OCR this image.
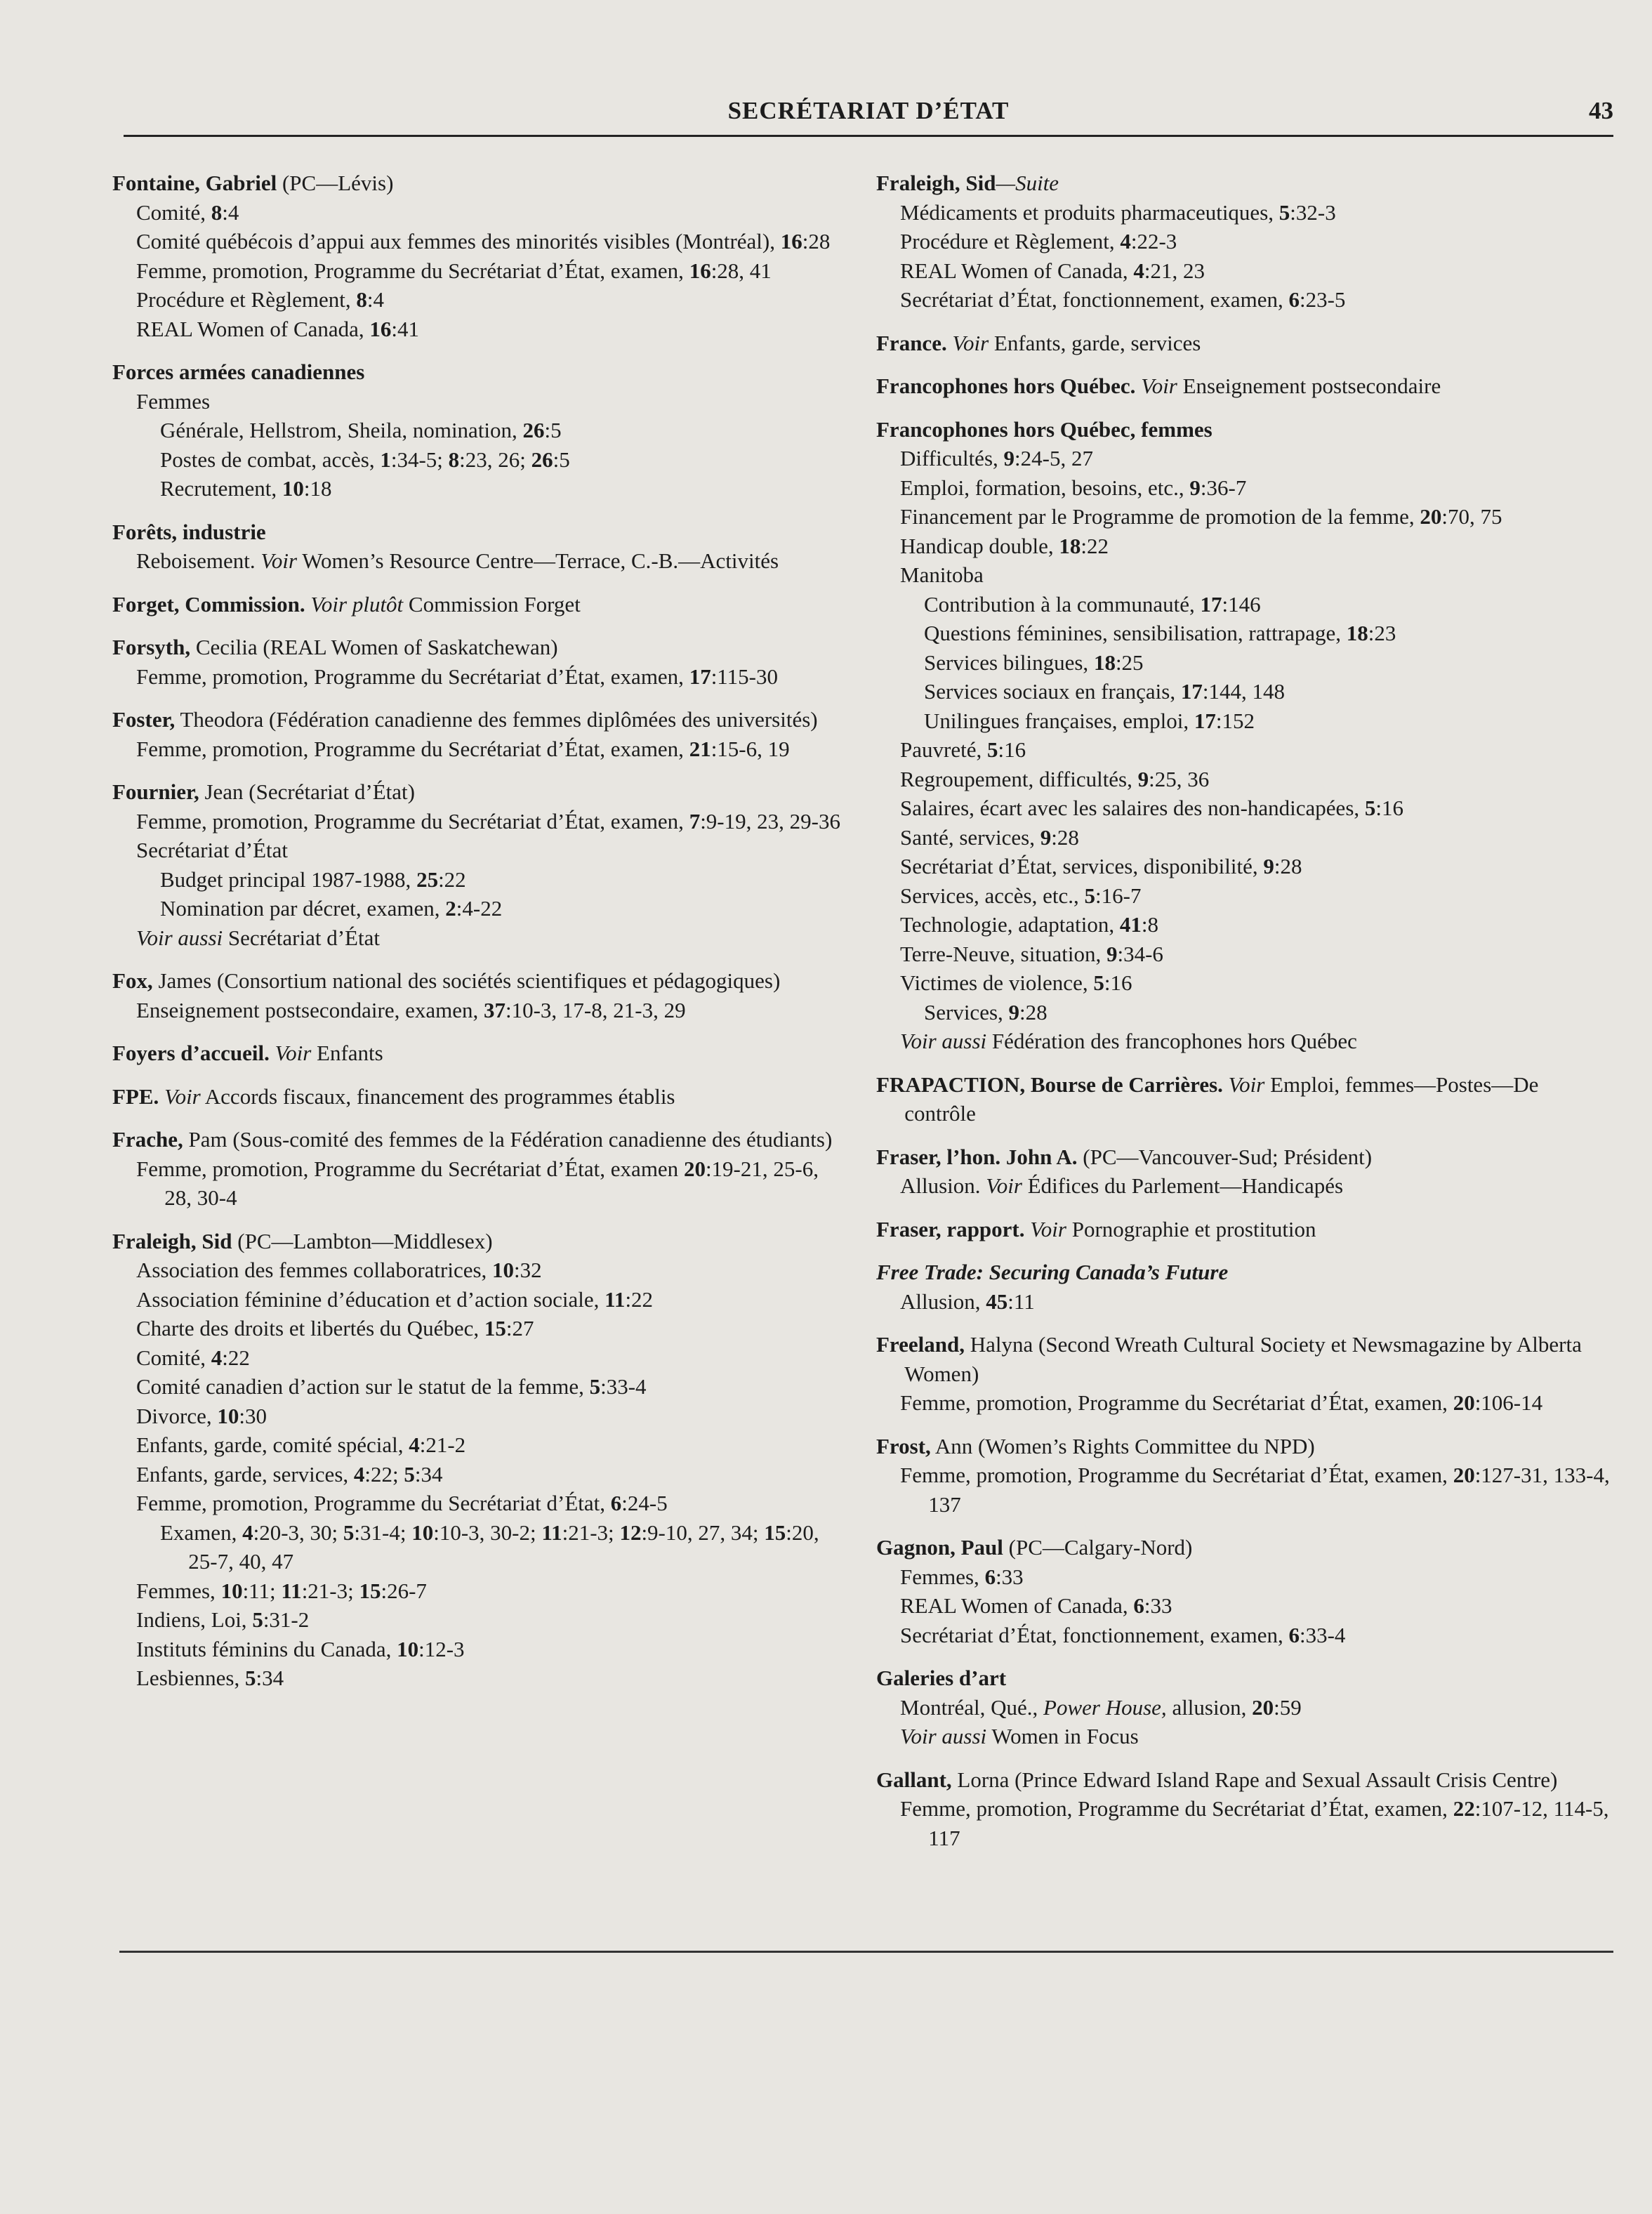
SECRÉTARIAT D’ÉTAT	43
Fontaine, Gabriel (PC—Lévis)
Comité, 8:4
Comité québécois d’appui aux femmes des minorités visibles (Montréal), 16:28
Femme, promotion, Programme du Secrétariat d’État, examen, 16:28, 41
Procédure et Règlement, 8:4
REAL Women of Canada, 16:41
Forces armées canadiennes
Femmes
Générale, Hellstrom, Sheila, nomination, 26:5
Postes de combat, accès, 1:34-5; 8:23, 26; 26:5
Recrutement, 10:18
Forêts, industrie
Reboisement. Voir Women’s Resource Centre—Terrace, C.-B.—Activités
Forget, Commission. Voir plutôt Commission Forget
Forsyth, Cecilia (REAL Women of Saskatchewan)
Femme, promotion, Programme du Secrétariat d’État, examen, 17:115-30
Foster, Theodora (Fédération canadienne des femmes diplômées des universités)
Femme, promotion, Programme du Secrétariat d’État, examen, 21:15-6, 19
Fournier, Jean (Secrétariat d’État)
Femme, promotion, Programme du Secrétariat d’État, examen, 7:9-19, 23, 29-36
Secrétariat d’État
Budget principal 1987-1988, 25:22
Nomination par décret, examen, 2:4-22
Voir aussi Secrétariat d’État
Fox, James (Consortium national des sociétés scientifiques et pédagogiques)
Enseignement postsecondaire, examen, 37:10-3, 17-8, 21-3, 29
Foyers d’accueil. Voir Enfants
FPE. Voir Accords fiscaux, financement des programmes établis
Frache, Pam (Sous-comité des femmes de la Fédération canadienne des étudiants)
Femme, promotion, Programme du Secrétariat d’État, examen 20:19-21, 25-6, 28, 30-4
Fraleigh, Sid (PC—Lambton—Middlesex)
Association des femmes collaboratrices, 10:32
Association féminine d’éducation et d’action sociale, 11:22
Charte des droits et libertés du Québec, 15:27
Comité, 4:22
Comité canadien d’action sur le statut de la femme, 5:33-4
Divorce, 10:30
Enfants, garde, comité spécial, 4:21-2
Enfants, garde, services, 4:22; 5:34
Femme, promotion, Programme du Secrétariat d’État, 6:24-5
Examen, 4:20-3, 30; 5:31-4; 10:10-3, 30-2; 11:21-3; 12:9-10, 27, 34; 15:20, 25-7, 40, 47
Femmes, 10:11; 11:21-3; 15:26-7
Indiens, Loi, 5:31-2
Instituts féminins du Canada, 10:12-3
Lesbiennes, 5:34
Fraleigh, Sid—Suite
Médicaments et produits pharmaceutiques, 5:32-3
Procédure et Règlement, 4:22-3
REAL Women of Canada, 4:21, 23
Secrétariat d’État, fonctionnement, examen, 6:23-5
France. Voir Enfants, garde, services
Francophones hors Québec. Voir Enseignement postsecondaire
Francophones hors Québec, femmes
Difficultés, 9:24-5, 27
Emploi, formation, besoins, etc., 9:36-7
Financement par le Programme de promotion de la femme, 20:70, 75
Handicap double, 18:22
Manitoba
Contribution à la communauté, 17:146
Questions féminines, sensibilisation, rattrapage, 18:23
Services bilingues, 18:25
Services sociaux en français, 17:144, 148
Unilingues françaises, emploi, 17:152
Pauvreté, 5:16
Regroupement, difficultés, 9:25, 36
Salaires, écart avec les salaires des non-handicapées, 5:16
Santé, services, 9:28
Secrétariat d’État, services, disponibilité, 9:28
Services, accès, etc., 5:16-7
Technologie, adaptation, 41:8
Terre-Neuve, situation, 9:34-6
Victimes de violence, 5:16
Services, 9:28
Voir aussi Fédération des francophones hors Québec
FRAPACTION, Bourse de Carrières. Voir Emploi, femmes—Postes—De contrôle
Fraser, l’hon. John A. (PC—Vancouver-Sud; Président)
Allusion. Voir Édifices du Parlement—Handicapés
Fraser, rapport. Voir Pornographie et prostitution
Free Trade: Securing Canada’s Future
Allusion, 45:11
Freeland, Halyna (Second Wreath Cultural Society et Newsmagazine by Alberta Women)
Femme, promotion, Programme du Secrétariat d’État, examen, 20:106-14
Frost, Ann (Women’s Rights Committee du NPD)
Femme, promotion, Programme du Secrétariat d’État, examen, 20:127-31, 133-4, 137
Gagnon, Paul (PC—Calgary-Nord)
Femmes, 6:33
REAL Women of Canada, 6:33
Secrétariat d’État, fonctionnement, examen, 6:33-4
Galeries d’art
Montréal, Qué., Power House, allusion, 20:59
Voir aussi Women in Focus
Gallant, Lorna (Prince Edward Island Rape and Sexual Assault Crisis Centre)
Femme, promotion, Programme du Secrétariat d’État, examen, 22:107-12, 114-5, 117
